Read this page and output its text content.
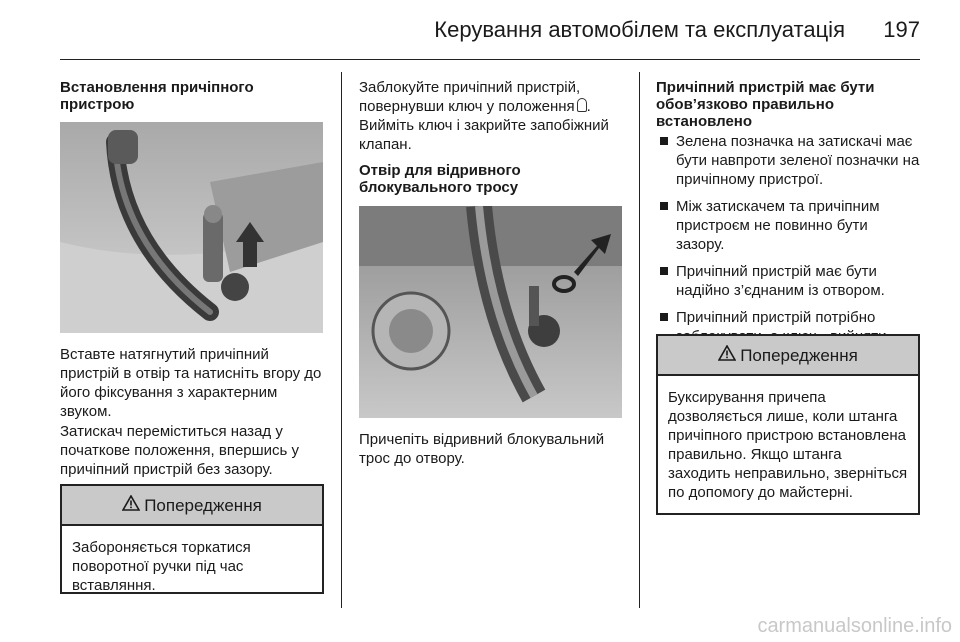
Керування автомобілем та експлуатація 197
Встановлення причіпного пристрою
Вставте натягнутий причіпний пристрій в отвір та натисніть вгору до його фіксування з характерним звуком.
Затискач переміститься назад у початкове положення, впершись у причіпний пристрій без зазору.
Попередження
Забороняється торкатися поворотної ручки під час вставляння.
Заблокуйте причіпний пристрій, повернувши ключ у положення . Вийміть ключ і закрийте запобіжний клапан.
Отвір для відривного блокувального тросу
Причепіть відривний блокувальний трос до отвору.
Причіпний пристрій має бути обов’язково правильно встановлено
Зелена позначка на затискачі має бути навпроти зеленої позначки на причіпному пристрої.
Між затискачем та причіпним пристроєм не повинно бути зазору.
Причіпний пристрій має бути надійно з’єднаним із отвором.
Причіпний пристрій потрібно
Попередження
Буксирування причепа дозволяється лише, коли штанга причіпного пристрою встановлена правильно. Якщо штанга заходить неправильно, зверніться по допомогу до майстерні.
carmanualsonline.info
